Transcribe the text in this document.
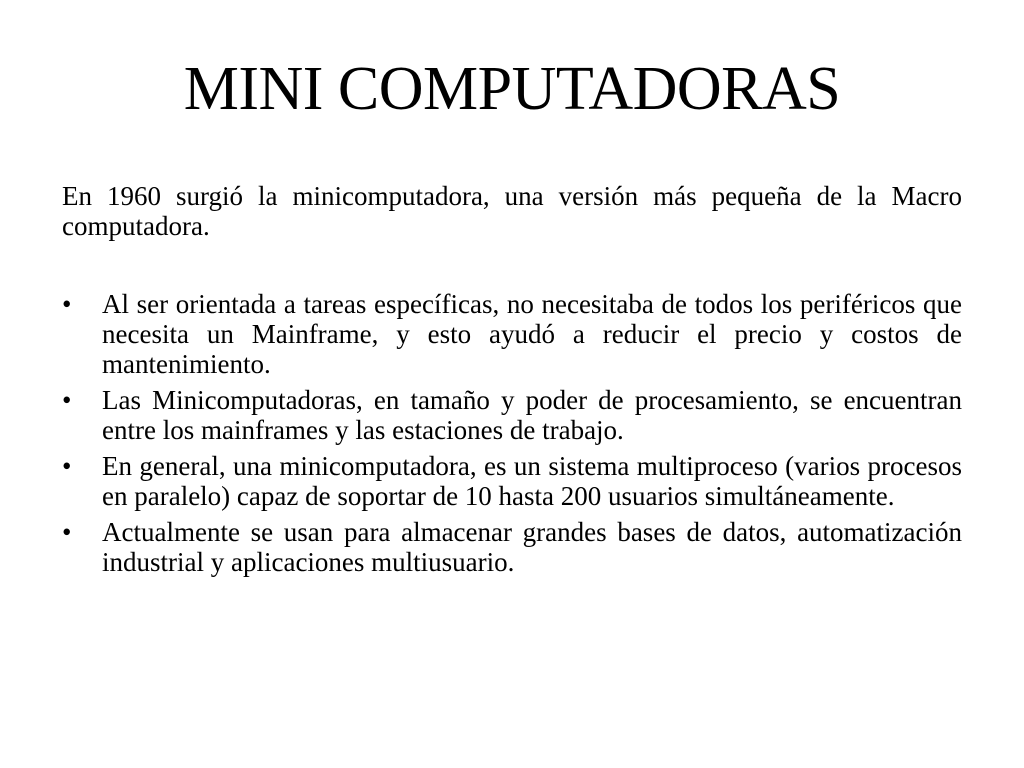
MINI COMPUTADORAS

En 1960 surgió la minicomputadora, una versión más pequeña de la Macro computadora.

•	Al ser orientada a tareas específicas, no necesitaba de todos los periféricos que necesita un Mainframe, y esto ayudó a reducir el precio y costos de mantenimiento.
•	Las Minicomputadoras, en tamaño y poder de procesamiento, se encuentran entre los mainframes y las estaciones de trabajo.
•	En general, una minicomputadora, es un sistema multiproceso (varios procesos en paralelo) capaz de soportar de 10 hasta 200 usuarios simultáneamente.
•	Actualmente se usan para almacenar grandes bases de datos, automatización industrial y aplicaciones multiusuario.
